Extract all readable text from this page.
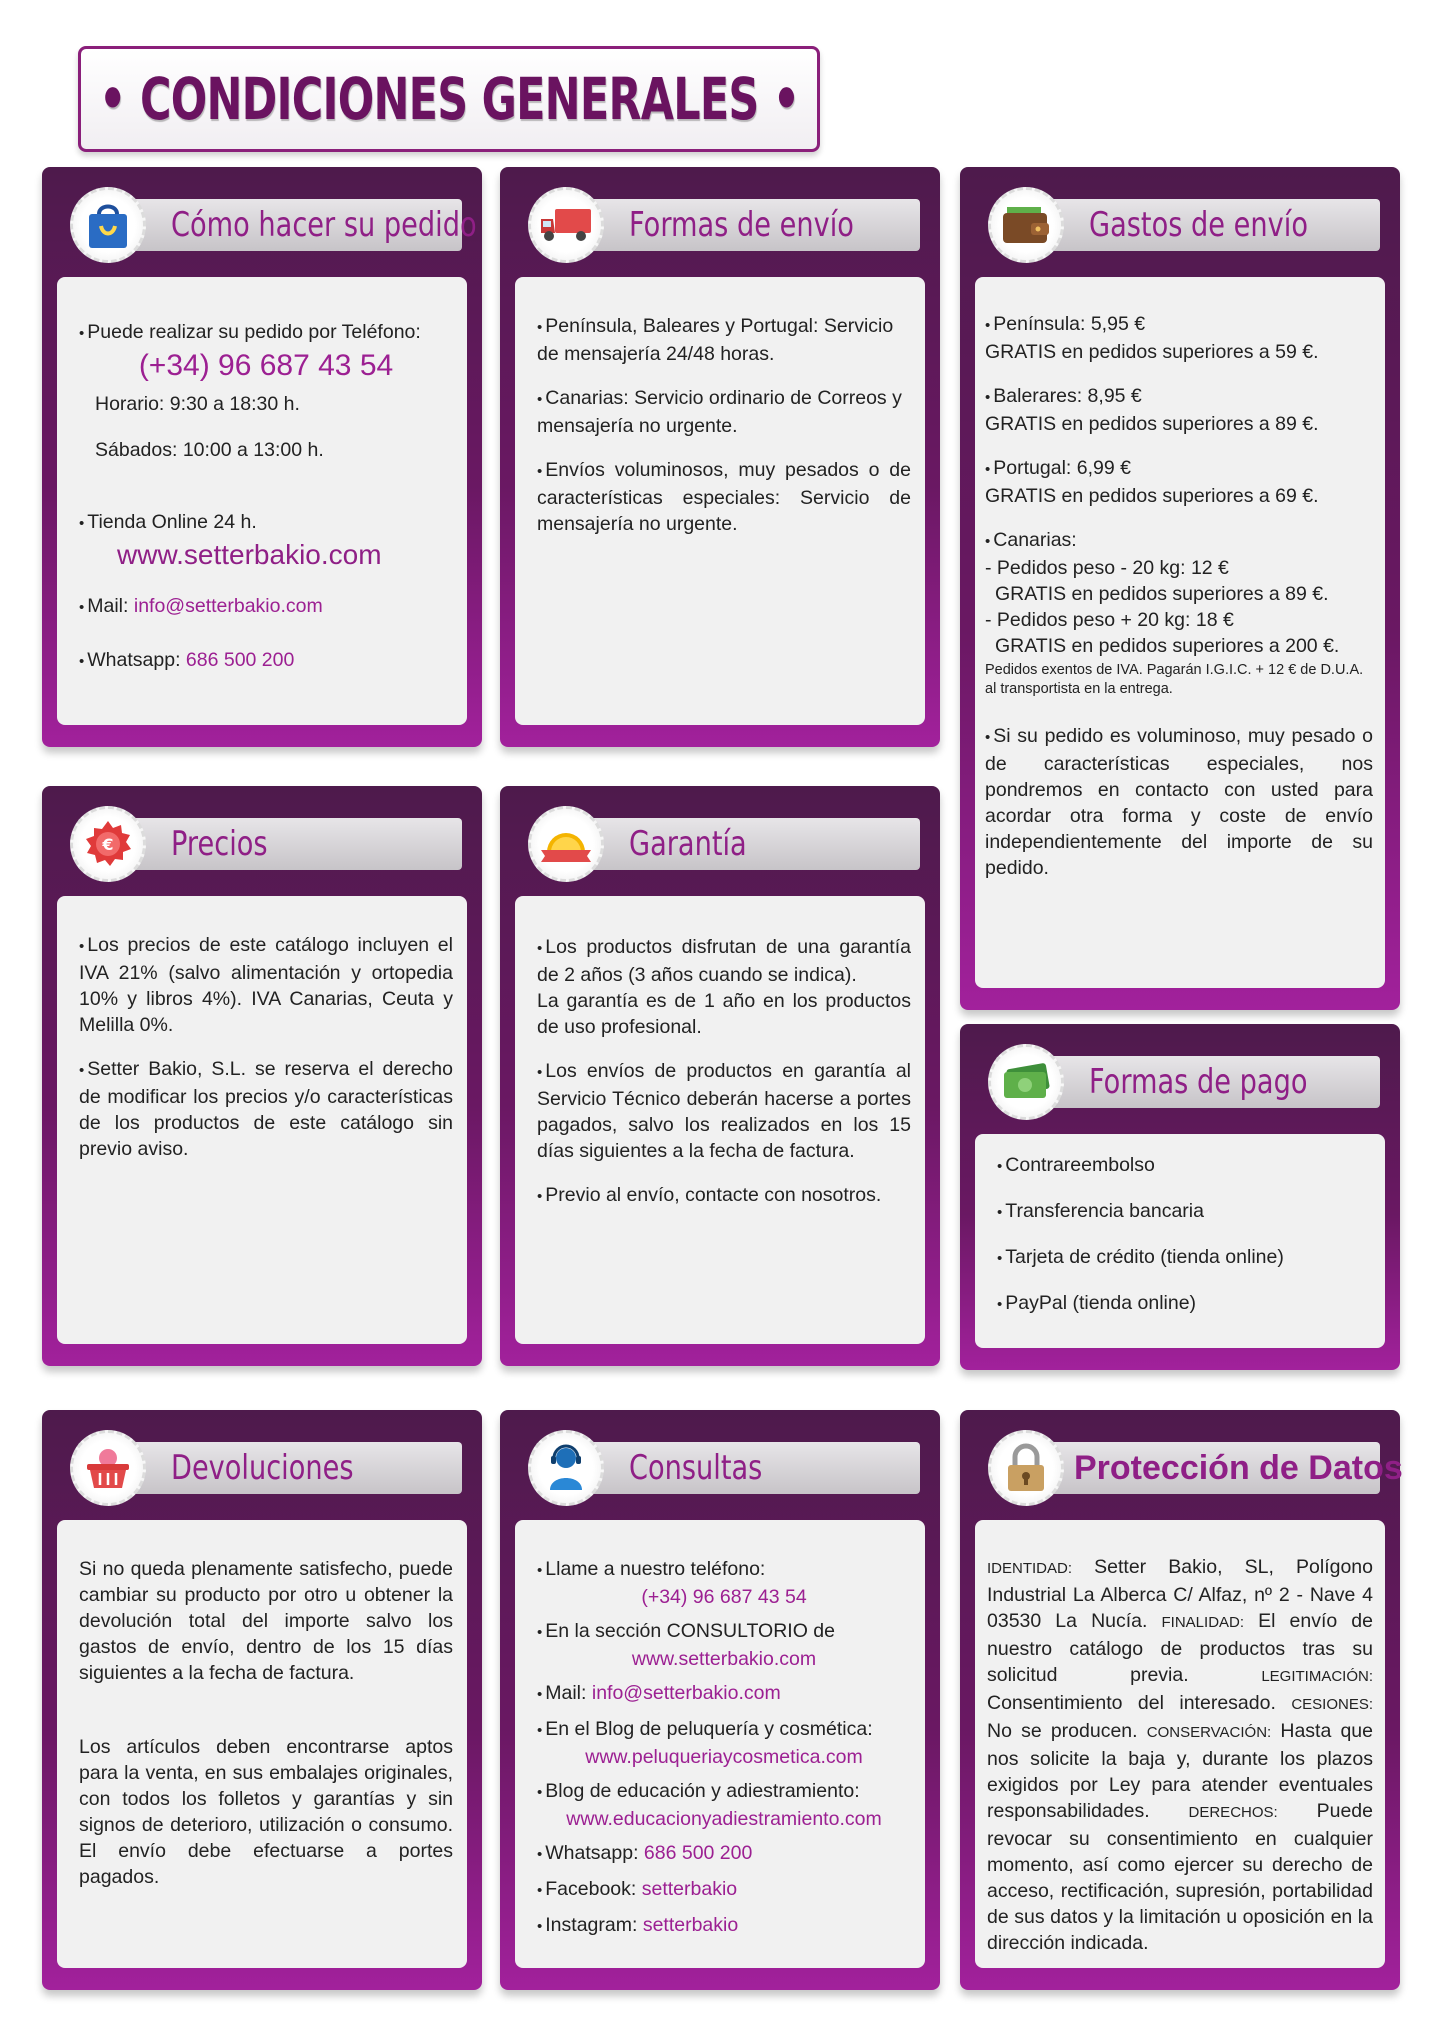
• CONDICIONES GENERALES •
Cómo hacer su pedido

• Puede realizar su pedido por Teléfono:

(+34) 96 687 43 54

Horario: 9:30 a 18:30 h.

Sábados: 10:00 a 13:00 h.

• Tienda Online 24 h.

www.setterbakio.com

• Mail: info@setterbakio.com

• Whatsapp: 686 500 200

Formas de envío

• Península, Baleares y Portugal: Servicio de mensajería 24/48 horas.

• Canarias: Servicio ordinario de Correos y mensajería no urgente.

• Envíos voluminosos, muy pesados o de características especiales: Servicio de mensajería no urgente.

Gastos de envío

• Península: 5,95 €

GRATIS en pedidos superiores a 59 €.

• Balerares: 8,95 €

GRATIS en pedidos superiores a 89 €.

• Portugal: 6,99 €

GRATIS en pedidos superiores a 69 €.

• Canarias:

- Pedidos peso - 20 kg: 12 €

GRATIS en pedidos superiores a 89 €.

- Pedidos peso + 20 kg: 18 €

GRATIS en pedidos superiores a 200 €.

Pedidos exentos de IVA. Pagarán I.G.I.C. + 12 € de D.U.A. al transportista en la entrega.

• Si su pedido es voluminoso, muy pesado o de características especiales, nos pondremos en contacto con usted para acordar otra forma y coste de envío independientemente del importe de su pedido.

Precios
€

• Los precios de este catálogo incluyen el IVA 21% (salvo alimentación y ortopedia 10% y libros 4%). IVA Canarias, Ceuta y Melilla 0%.

• Setter Bakio, S.L. se reserva el derecho de modificar los precios y/o características de los productos de este catálogo sin previo aviso.

Garantía

• Los productos disfrutan de una garantía de 2 años (3 años cuando se indica).

La garantía es de 1 año en los productos de uso profesional.

• Los envíos de productos en garantía al Servicio Técnico deberán hacerse a portes pagados, salvo los realizados en los 15 días siguientes a la fecha de factura.

• Previo al envío, contacte con nosotros.

Formas de pago

• Contrareembolso

• Transferencia bancaria

• Tarjeta de crédito (tienda online)

• PayPal (tienda online)

Devoluciones

Si no queda plenamente satisfecho, puede cambiar su producto por otro u obtener la devolución total del importe salvo los gastos de envío, dentro de los 15 días siguientes a la fecha de factura.

Los artículos deben encontrarse aptos para la venta, en sus embalajes originales, con todos los folletos y garantías y sin signos de deterioro, utilización o consumo. El envío debe efectuarse a portes pagados.

Consultas

• Llame a nuestro teléfono:

(+34) 96 687 43 54

• En la sección CONSULTORIO de

www.setterbakio.com

• Mail: info@setterbakio.com

• En el Blog de peluquería y cosmética:

www.peluqueriaycosmetica.com

• Blog de educación y adiestramiento:

www.educacionyadiestramiento.com

• Whatsapp: 686 500 200

• Facebook: setterbakio

• Instagram: setterbakio

Protección de Datos

IDENTIDAD: Setter Bakio, SL, Polígono Industrial La Alberca C/ Alfaz, nº 2 - Nave 4 03530 La Nucía. FINALIDAD: El envío de nuestro catálogo de productos tras su solicitud previa.	LEGITIMACIÓN: Consentimiento del interesado. CESIONES: No se producen. CONSERVACIÓN: Hasta que nos solicite la baja y, durante los plazos exigidos por Ley para atender eventuales responsabilidades.	DERECHOS: Puede revocar su consentimiento en cualquier momento, así como ejercer su derecho de acceso, rectificación, supresión, portabilidad de sus datos y la limitación u oposición en la dirección indicada.
